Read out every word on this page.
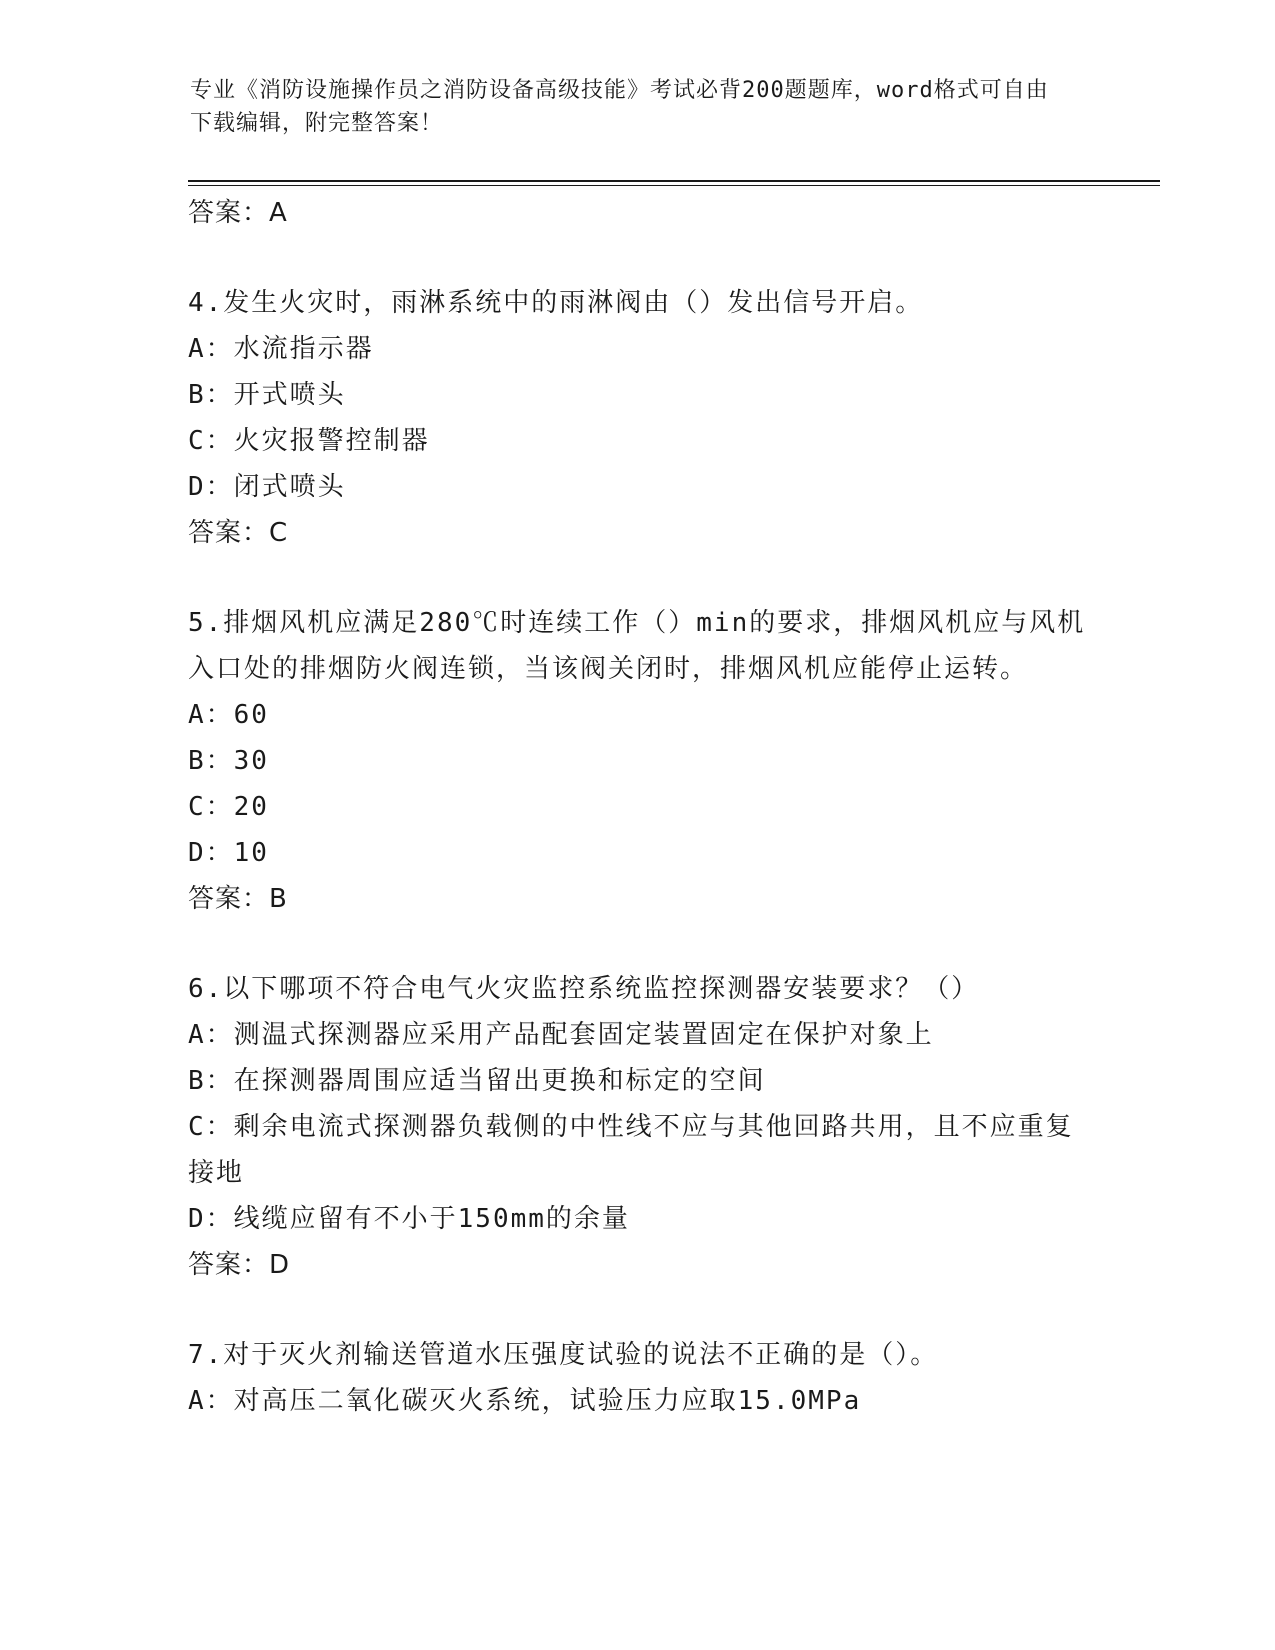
专业《消防设施操作员之消防设备高级技能》考试必背200题题库，word格式可自由下载编辑，附完整答案！
答案：A

4.发生火灾时，雨淋系统中的雨淋阀由（）发出信号开启。

A：水流指示器

B：开式喷头

C：火灾报警控制器

D：闭式喷头

答案：C

5.排烟风机应满足280℃时连续工作（）min的要求，排烟风机应与风机入口处的排烟防火阀连锁，当该阀关闭时，排烟风机应能停止运转。

A：60

B：30

C：20

D：10

答案：B

6.以下哪项不符合电气火灾监控系统监控探测器安装要求？（）

A：测温式探测器应采用产品配套固定装置固定在保护对象上

B：在探测器周围应适当留出更换和标定的空间

C：剩余电流式探测器负载侧的中性线不应与其他回路共用，且不应重复接地

D：线缆应留有不小于150mm的余量

答案：D

7.对于灭火剂输送管道水压强度试验的说法不正确的是（）。

A：对高压二氧化碳灭火系统，试验压力应取15.0MPa
